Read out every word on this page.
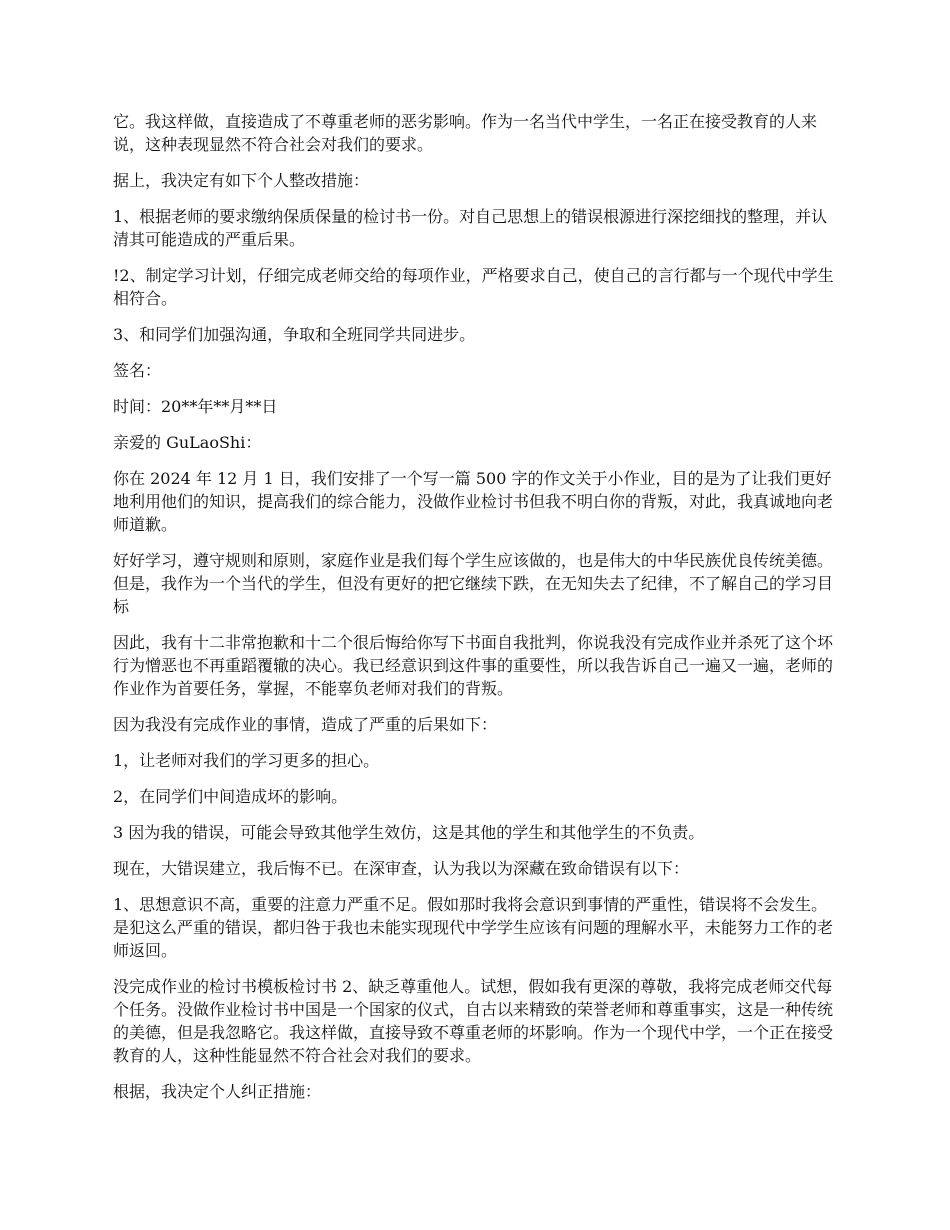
它。我这样做，直接造成了不尊重老师的恶劣影响。作为一名当代中学生，一名正在接受教育的人来说，这种表现显然不符合社会对我们的要求。

据上，我决定有如下个人整改措施：

1、根据老师的要求缴纳保质保量的检讨书一份。对自己思想上的错误根源进行深挖细找的整理，并认清其可能造成的严重后果。

!2、制定学习计划，仔细完成老师交给的每项作业，严格要求自己，使自己的言行都与一个现代中学生相符合。

3、和同学们加强沟通，争取和全班同学共同进步。

签名：

时间：20**年**月**日

亲爱的 GuLaoShi：

你在 2024 年 12 月 1 日，我们安排了一个写一篇 500 字的作文关于小作业，目的是为了让我们更好地利用他们的知识，提高我们的综合能力，没做作业检讨书但我不明白你的背叛，对此，我真诚地向老师道歉。

好好学习，遵守规则和原则，家庭作业是我们每个学生应该做的，也是伟大的中华民族优良传统美德。但是，我作为一个当代的学生，但没有更好的把它继续下跌，在无知失去了纪律，不了解自己的学习目标

因此，我有十二非常抱歉和十二个很后悔给你写下书面自我批判，你说我没有完成作业并杀死了这个坏行为憎恶也不再重蹈覆辙的决心。我已经意识到这件事的重要性，所以我告诉自己一遍又一遍，老师的作业作为首要任务，掌握，不能辜负老师对我们的背叛。

因为我没有完成作业的事情，造成了严重的后果如下：

1，让老师对我们的学习更多的担心。

2，在同学们中间造成坏的影响。

3 因为我的错误，可能会导致其他学生效仿，这是其他的学生和其他学生的不负责。

现在，大错误建立，我后悔不已。在深审查，认为我以为深藏在致命错误有以下：

1、思想意识不高，重要的注意力严重不足。假如那时我将会意识到事情的严重性，错误将不会发生。是犯这么严重的错误，都归咎于我也未能实现现代中学学生应该有问题的理解水平，未能努力工作的老师返回。

没完成作业的检讨书模板检讨书 2、缺乏尊重他人。试想，假如我有更深的尊敬，我将完成老师交代每个任务。没做作业检讨书中国是一个国家的仪式，自古以来精致的荣誉老师和尊重事实，这是一种传统的美德，但是我忽略它。我这样做，直接导致不尊重老师的坏影响。作为一个现代中学，一个正在接受教育的人，这种性能显然不符合社会对我们的要求。

根据，我决定个人纠正措施：
